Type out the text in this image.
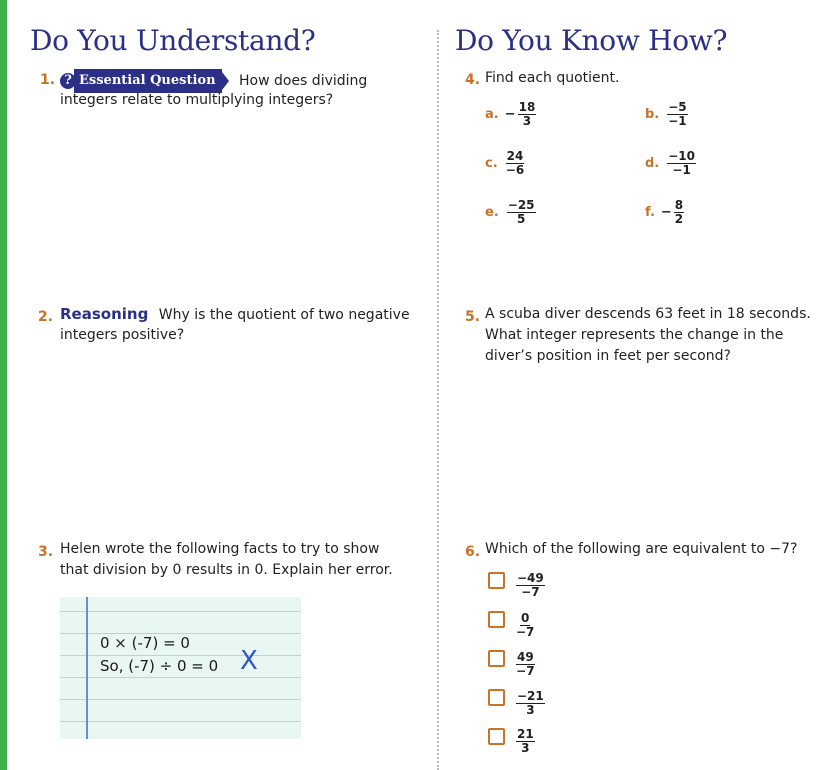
Do You Understand?
1. ? Essential Question	How does dividing
integers relate to multiplying integers?
2. Reasoning Why is the quotient of two negative
integers positive?
3. Helen wrote the following facts to try to show
that division by 0 results in 0. Explain her error.
0 × (-7) = 0
So, (-7) ÷ 0 = 0 X
Do You Know How?
4. Find each quotient.
a. − $\frac{18}{3}$	b. $\frac{-5}{-1}$
c. $\frac{24}{-6}$	d. $\frac{-10}{-1}$
e. $\frac{-25}{5}$	f. − $\frac{8}{2}$
5. A scuba diver descends 63 feet in 18 seconds.
What integer represents the change in the
diver’s position in feet per second?
6. Which of the following are equivalent to −7?
$\frac{-49}{-7}$
$\frac{0}{-7}$
$\frac{49}{-7}$
$\frac{-21}{3}$
$\frac{21}{3}$
